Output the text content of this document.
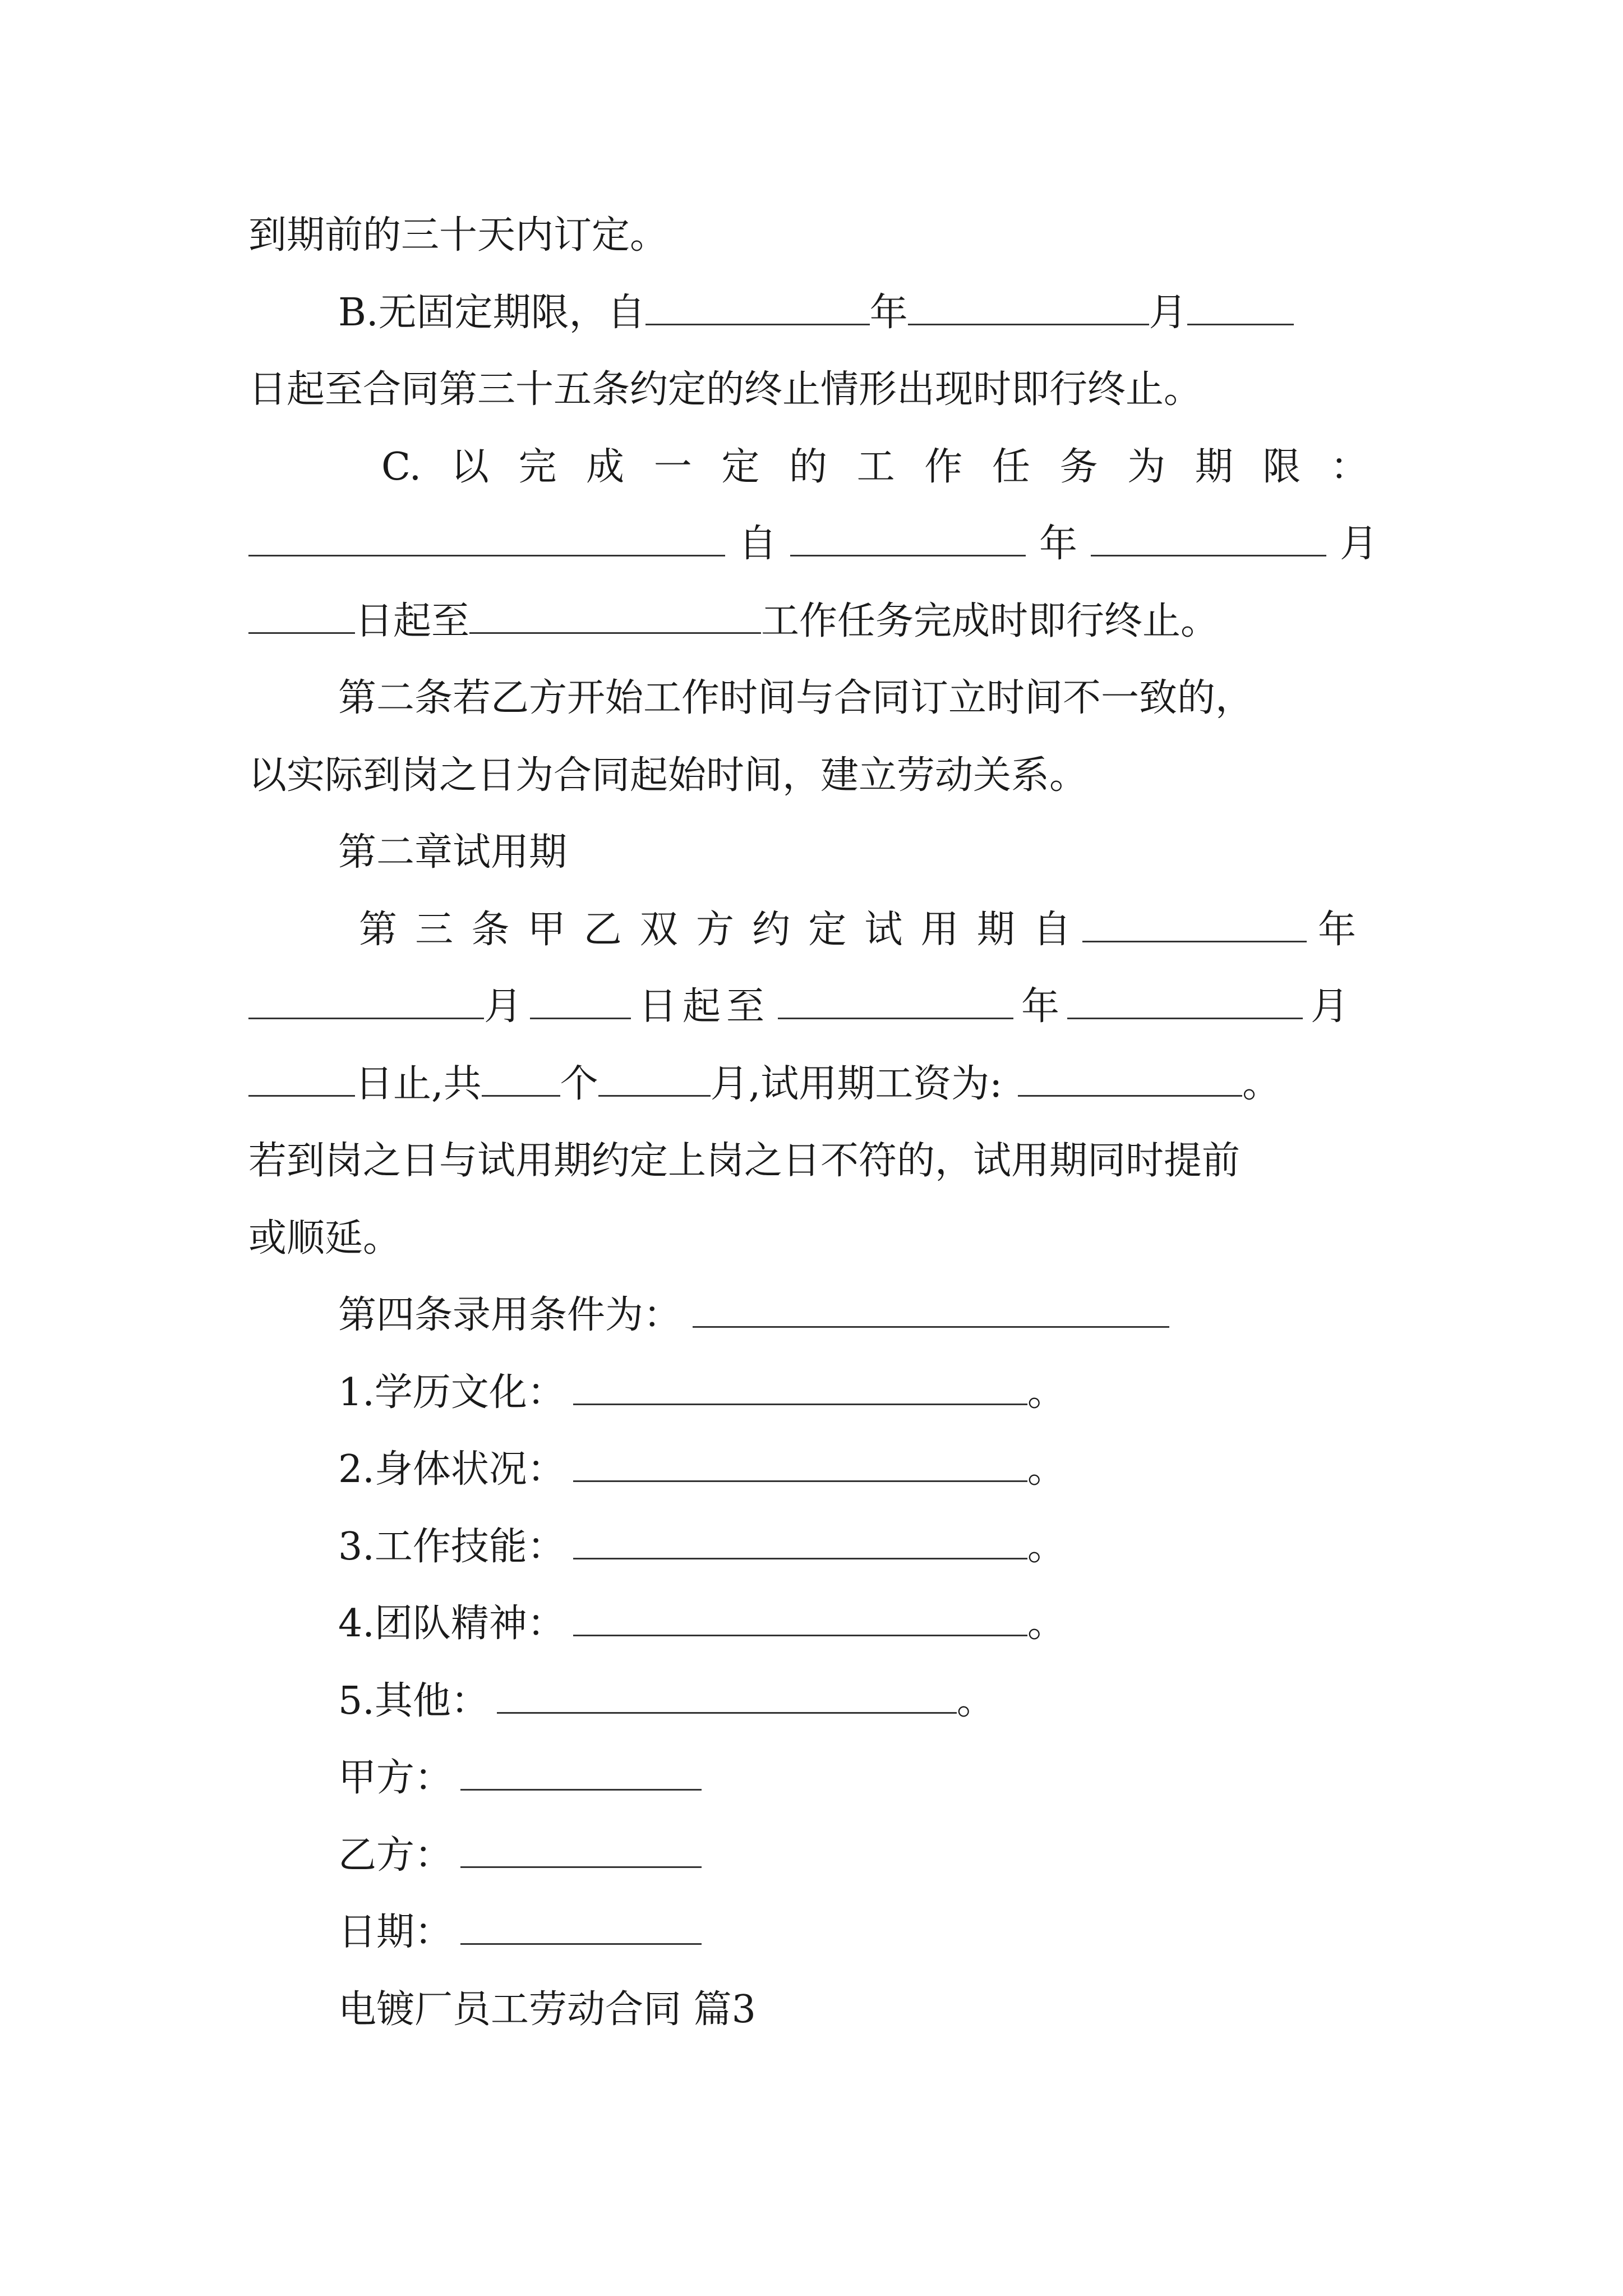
到期前的三十天内订定。
B.无固定期限，自	年	月
日起至合同第三十五条约定的终止情形出现时即行终止。
C. 以 完 成 一 定 的 工 作 任 务 为 期 限 ：
自	年	月
日起至	工作任务完成时即行终止。
第二条若乙方开始工作时间与合同订立时间不一致的，
以实际到岗之日为合同起始时间，建立劳动关系。
第二章试用期
第 三 条 甲 乙 双 方 约 定 试 用 期 自	年
月	日起至	年	月
日止,共 个	月,试用期工资为:	。
若到岗之日与试用期约定上岗之日不符的，试用期同时提前
或顺延。
第四条录用条件为：
1.学历文化：	。
2.身体状况：	。
3.工作技能：	。
4.团队精神：	。
5.其他：	。
甲方：
乙方：
日期：
电镀厂员工劳动合同 篇3
